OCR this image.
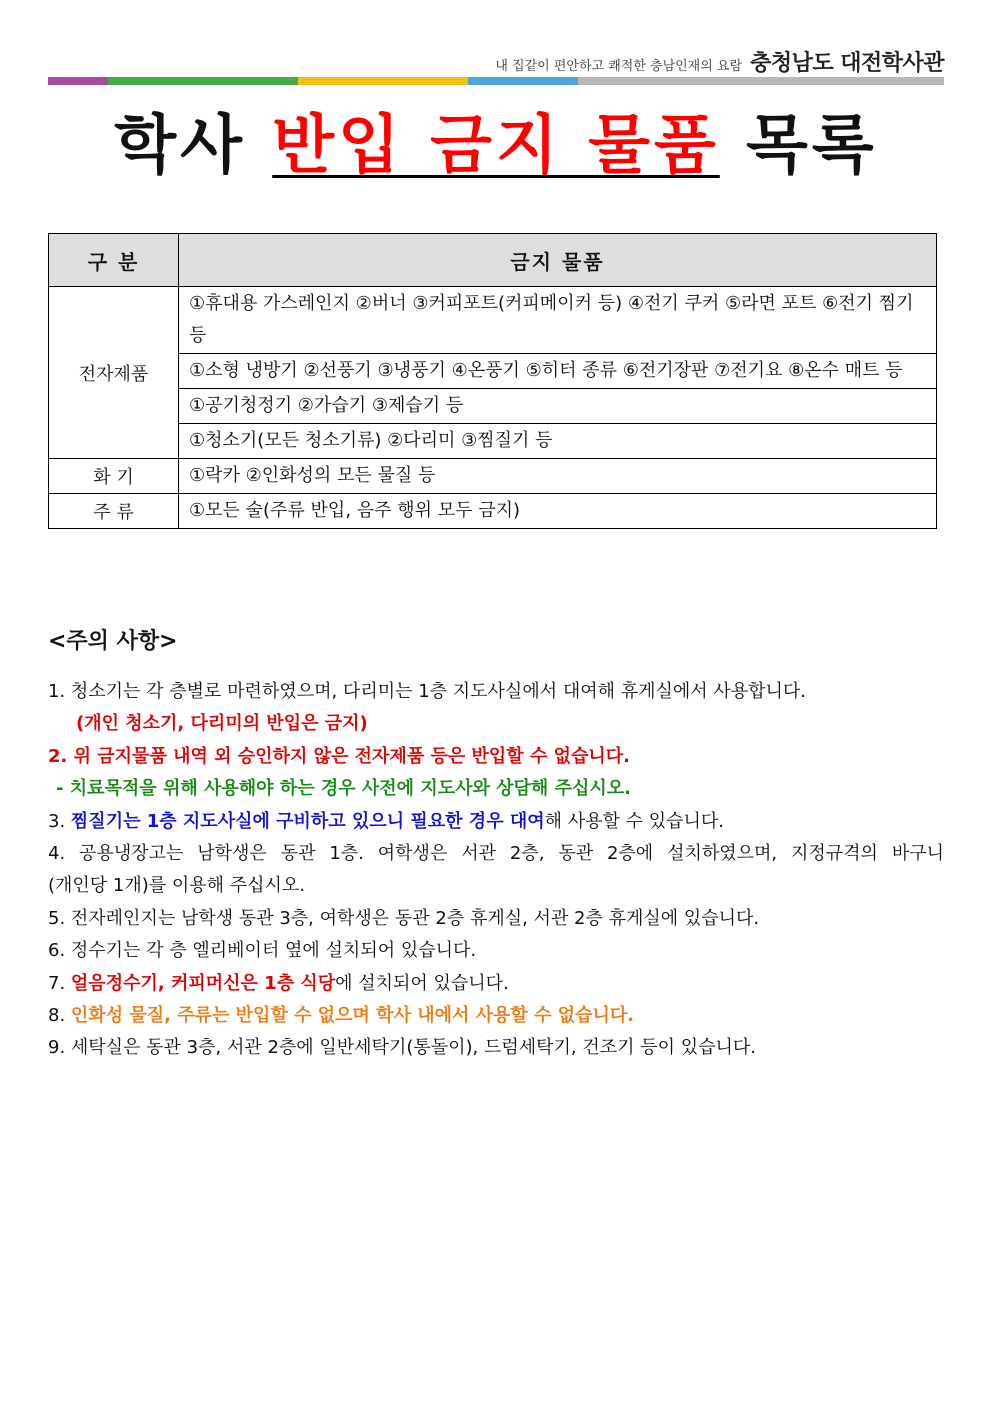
내 집같이 편안하고 쾌적한 충남인재의 요람 충청남도 대전학사관
학사 반입 금지 물품 목록
구 분	금지 물품
전자제품	①휴대용 가스레인지 ②버너 ③커피포트(커피메이커 등) ④전기 쿠커 ⑤라면 포트 ⑥전기 찜기 등
	①소형 냉방기 ②선풍기 ③냉풍기 ④온풍기 ⑤히터 종류 ⑥전기장판 ⑦전기요 ⑧온수 매트 등
	①공기청정기 ②가습기 ③제습기 등
	①청소기(모든 청소기류) ②다리미 ③찜질기 등
화 기	①락카 ②인화성의 모든 물질 등
주 류	①모든 술(주류 반입, 음주 행위 모두 금지)
<주의 사항>
1. 청소기는 각 층별로 마련하였으며, 다리미는 1층 지도사실에서 대여해 휴게실에서 사용합니다.
(개인 청소기, 다리미의 반입은 금지)
2. 위 금지물품 내역 외 승인하지 않은 전자제품 등은 반입할 수 없습니다.
- 치료목적을 위해 사용해야 하는 경우 사전에 지도사와 상담해 주십시오.
3. 찜질기는 1층 지도사실에 구비하고 있으니 필요한 경우 대여해 사용할 수 있습니다.
4. 공용냉장고는 남학생은 동관 1층. 여학생은 서관 2층, 동관 2층에 설치하였으며, 지정규격의 바구니
(개인당 1개)를 이용해 주십시오.
5. 전자레인지는 남학생 동관 3층, 여학생은 동관 2층 휴게실, 서관 2층 휴게실에 있습니다.
6. 정수기는 각 층 엘리베이터 옆에 설치되어 있습니다.
7. 얼음정수기, 커피머신은 1층 식당에 설치되어 있습니다.
8. 인화성 물질, 주류는 반입할 수 없으며 학사 내에서 사용할 수 없습니다.
9. 세탁실은 동관 3층, 서관 2층에 일반세탁기(통돌이), 드럼세탁기, 건조기 등이 있습니다.
